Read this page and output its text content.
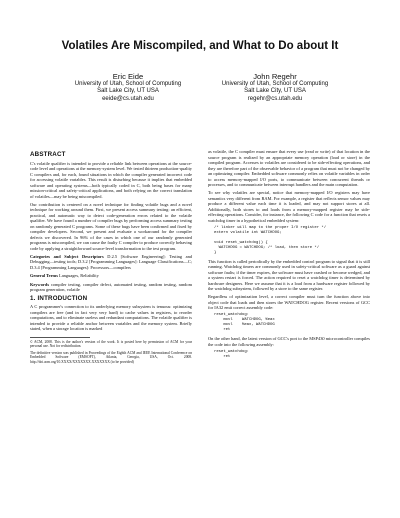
Volatiles Are Miscompiled, and What to Do about It
Eric Eide
University of Utah, School of Computing
Salt Lake City, UT USA
eeide@cs.utah.edu
John Regehr
University of Utah, School of Computing
Salt Lake City, UT USA
regehr@cs.utah.edu
ABSTRACT

C's volatile qualifier is intended to provide a reliable link between operations at the source-code level and operations at the memory-system level. We tested thirteen production-quality C compilers and, for each, found situations in which the compiler generated incorrect code for accessing volatile variables. This result is disturbing because it implies that embedded software and operating systems—both typically coded in C, both being bases for many mission-critical and safety-critical applications, and both relying on the correct translation of volatiles—may be being miscompiled.

Our contribution is centered on a novel technique for finding volatile bugs and a novel technique for working around them. First, we present access summary testing: an efficient, practical, and automatic way to detect code-generation errors related to the volatile qualifier. We have found a number of compiler bugs by performing access summary testing on randomly generated C programs. Some of these bugs have been confirmed and fixed by compiler developers. Second, we present and evaluate a workaround for the compiler defects we discovered. In 96% of the cases in which one of our randomly generated programs is miscompiled, we can cause the faulty C compiler to produce correctly behaving code by applying a straightforward source-level transformation to the test program.

Categories and Subject Descriptors D.2.5 [Software Engineering]: Testing and Debugging—testing tools; D.3.2 [Programming Languages]: Language Classifications—C; D.3.4 [Programming Languages]: Processors—compilers

General Terms Languages, Reliability

Keywords compiler testing, compiler defect, automated testing, random testing, random program generation, volatile

1. INTRODUCTION

A C programmer's connection to its underlying memory subsystem is tenuous: optimizing compilers are free (and in fact very very hard) to cache values in registers, to reorder computations, and to eliminate useless and redundant computations. The volatile qualifier is intended to provide a reliable anchor between variables and the memory system. Briefly stated, when a storage location is marked

© ACM, 2008. This is the author's version of the work. It is posted here by permission of ACM for your personal use. Not for redistribution.

The definitive version was published in Proceedings of the Eighth ACM and IEEE International Conference on Embedded Software (EMSOFT), Atlanta, Georgia, USA, Oct. 2008. http://doi.acm.org/10.XXXX/XXXXXXX.XXXXXXX (to be provided)

as volatile, the C compiler must ensure that every use (read or write) of that location in the source program is realized by an appropriate memory operation (load or store) in the compiled program. Accesses to volatiles are considered to be side-effecting operations, and they are therefore part of the observable behavior of a program that must not be changed by an optimizing compiler. Embedded software commonly relies on volatile variables in order to access memory-mapped I/O ports, to communicate between concurrent threads or processes, and to communicate between interrupt handlers and the main computation.

To see why volatiles are special, notice that memory-mapped I/O registers may have semantics very different from RAM. For example, a register that reflects sensor values may produce a different value each time it is loaded, and may not support stores at all. Additionally, both stores to and loads from a memory-mapped register may be side-effecting operations. Consider, for instance, the following C code for a function that resets a watchdog timer in a hypothetical embedded system:

/* linker will map to the proper I/O register */
extern volatile int WATCHDOG;

void reset_watchdog() {
WATCHDOG = WATCHDOG; /* load, then store */
}

This function is called periodically by the embedded control program to signal that it is still running. Watchdog timers are commonly used in safety-critical software as a guard against software faults; if the timer expires, the software must have crashed or become wedged, and a system restart is forced. The action required to reset a watchdog timer is determined by hardware designers. Here we assume that it is a load from a hardware register followed by the watchdog subsystem, followed by a store to the same register.

Regardless of optimization level, a correct compiler must turn the function above into object code that loads and then stores the WATCHDOG register. Recent versions of GCC for IA32 emit correct assembly code:

reset_watchdog:
movl    WATCHDOG, %eax
movl    %eax, WATCHDOG
ret

On the other hand, the latest version of GCC's port to the MSP430 microcontroller compiles the code into the following assembly:

reset_watchdog:
ret
